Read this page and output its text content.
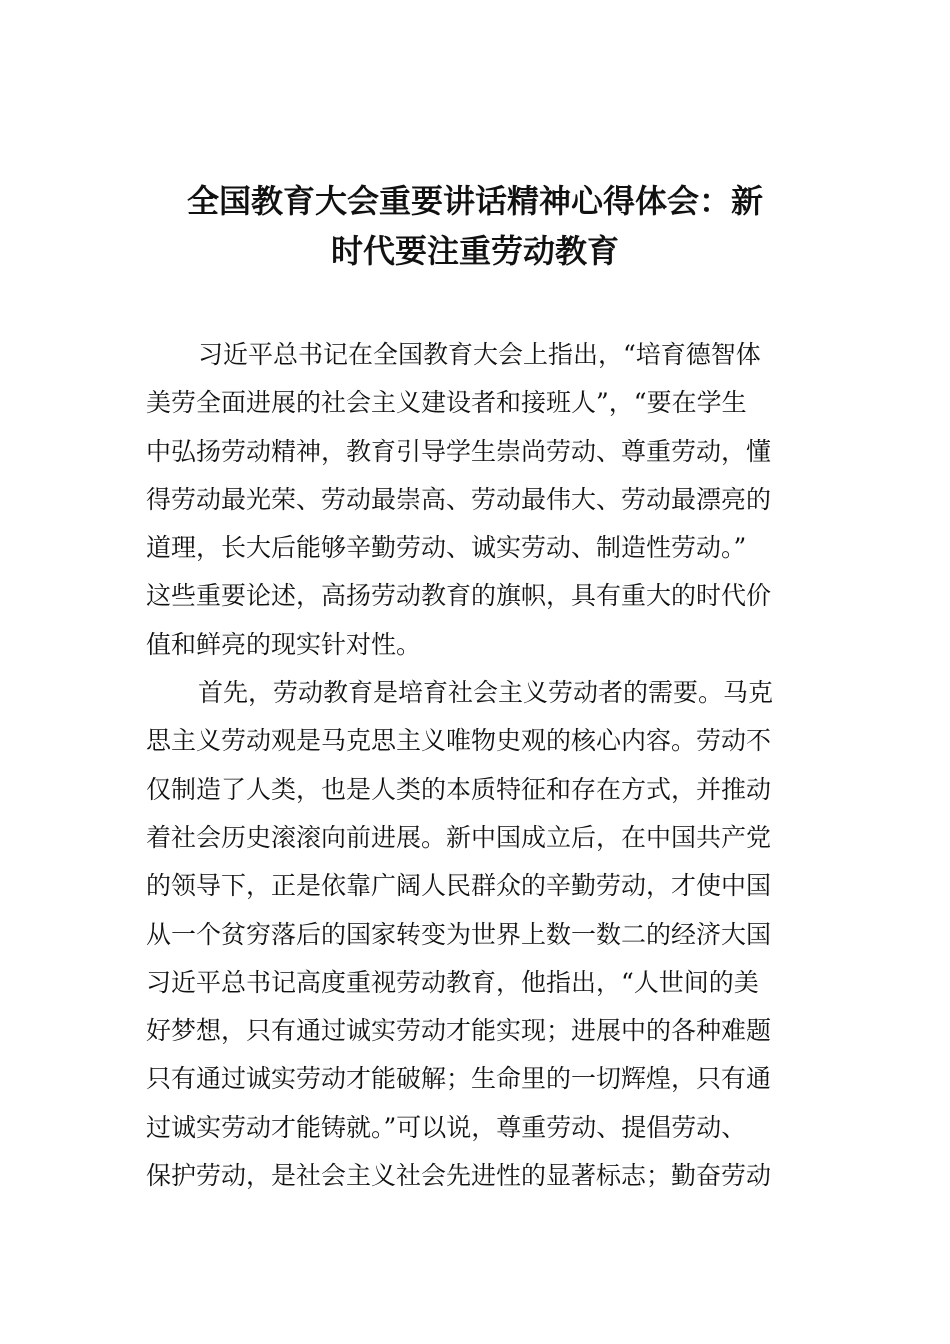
全国教育大会重要讲话精神心得体会：新
时代要注重劳动教育
习近平总书记在全国教育大会上指出，“培育德智体
美劳全面进展的社会主义建设者和接班人”，“要在学生
中弘扬劳动精神，教育引导学生崇尚劳动、尊重劳动，懂
得劳动最光荣、劳动最崇高、劳动最伟大、劳动最漂亮的
道理，长大后能够辛勤劳动、诚实劳动、制造性劳动。”
这些重要论述，高扬劳动教育的旗帜，具有重大的时代价
值和鲜亮的现实针对性。
首先，劳动教育是培育社会主义劳动者的需要。马克
思主义劳动观是马克思主义唯物史观的核心内容。劳动不
仅制造了人类，也是人类的本质特征和存在方式，并推动
着社会历史滚滚向前进展。新中国成立后，在中国共产党
的领导下，正是依靠广阔人民群众的辛勤劳动，才使中国
从一个贫穷落后的国家转变为世界上数一数二的经济大国
习近平总书记高度重视劳动教育，他指出，“人世间的美
好梦想，只有通过诚实劳动才能实现；进展中的各种难题
只有通过诚实劳动才能破解；生命里的一切辉煌，只有通
过诚实劳动才能铸就。”可以说，尊重劳动、提倡劳动、
保护劳动，是社会主义社会先进性的显著标志；勤奋劳动
